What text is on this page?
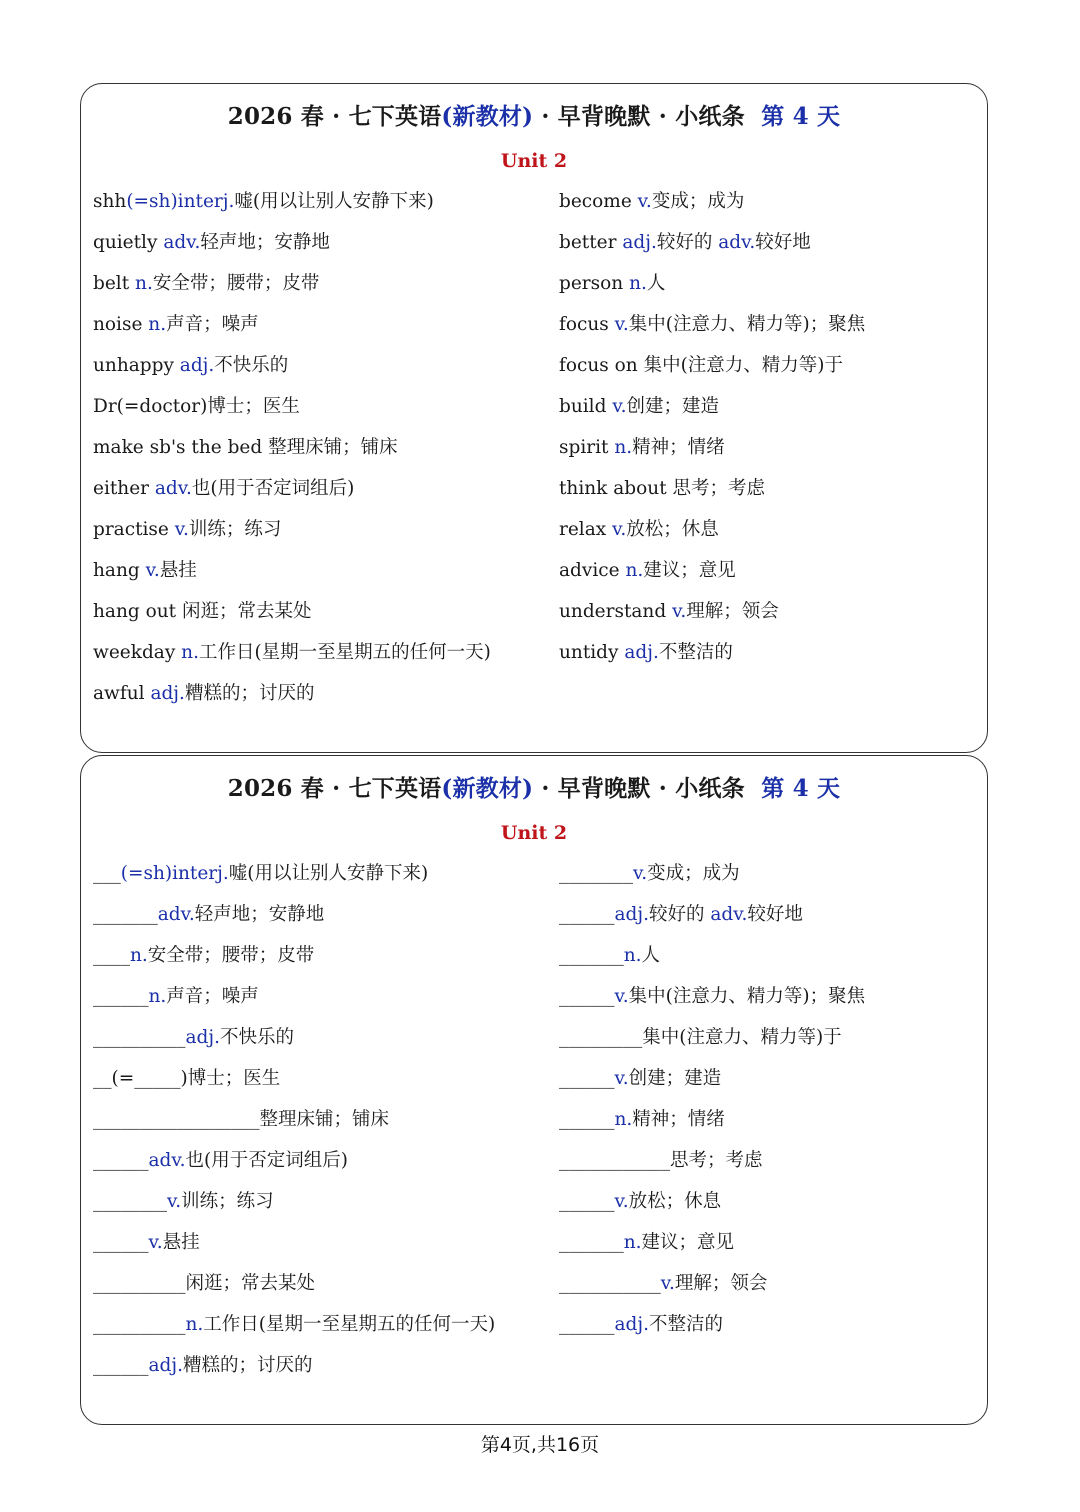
2026 春 · 七下英语(新教材) · 早背晚默 · 小纸条 第 4 天
Unit 2
shh(=sh)interj.嘘(用以让别人安静下来)
quietly adv.轻声地；安静地
belt n.安全带；腰带；皮带
noise n.声音；噪声
unhappy adj.不快乐的
Dr(=doctor)博士；医生
make sb's the bed 整理床铺；铺床
either adv.也(用于否定词组后)
practise v.训练；练习
hang v.悬挂
hang out 闲逛；常去某处
weekday n.工作日(星期一至星期五的任何一天)
awful adj.糟糕的；讨厌的
become v.变成；成为
better adj.较好的 adv.较好地
person n.人
focus v.集中(注意力、精力等)；聚焦
focus on 集中(注意力、精力等)于
build v.创建；建造
spirit n.精神；情绪
think about 思考；考虑
relax v.放松；休息
advice n.建议；意见
understand v.理解；领会
untidy adj.不整洁的
2026 春 · 七下英语(新教材) · 早背晚默 · 小纸条 第 4 天
Unit 2
___(=sh)interj.嘘(用以让别人安静下来)
_______adv.轻声地；安静地
____n.安全带；腰带；皮带
______n.声音；噪声
__________adj.不快乐的
__(=_____)博士；医生
__________________整理床铺；铺床
______adv.也(用于否定词组后)
________v.训练；练习
______v.悬挂
__________闲逛；常去某处
__________n.工作日(星期一至星期五的任何一天)
______adj.糟糕的；讨厌的
________v.变成；成为
______adj.较好的 adv.较好地
_______n.人
______v.集中(注意力、精力等)；聚焦
_________集中(注意力、精力等)于
______v.创建；建造
______n.精神；情绪
____________思考；考虑
______v.放松；休息
_______n.建议；意见
___________v.理解；领会
______adj.不整洁的
第4页,共16页
